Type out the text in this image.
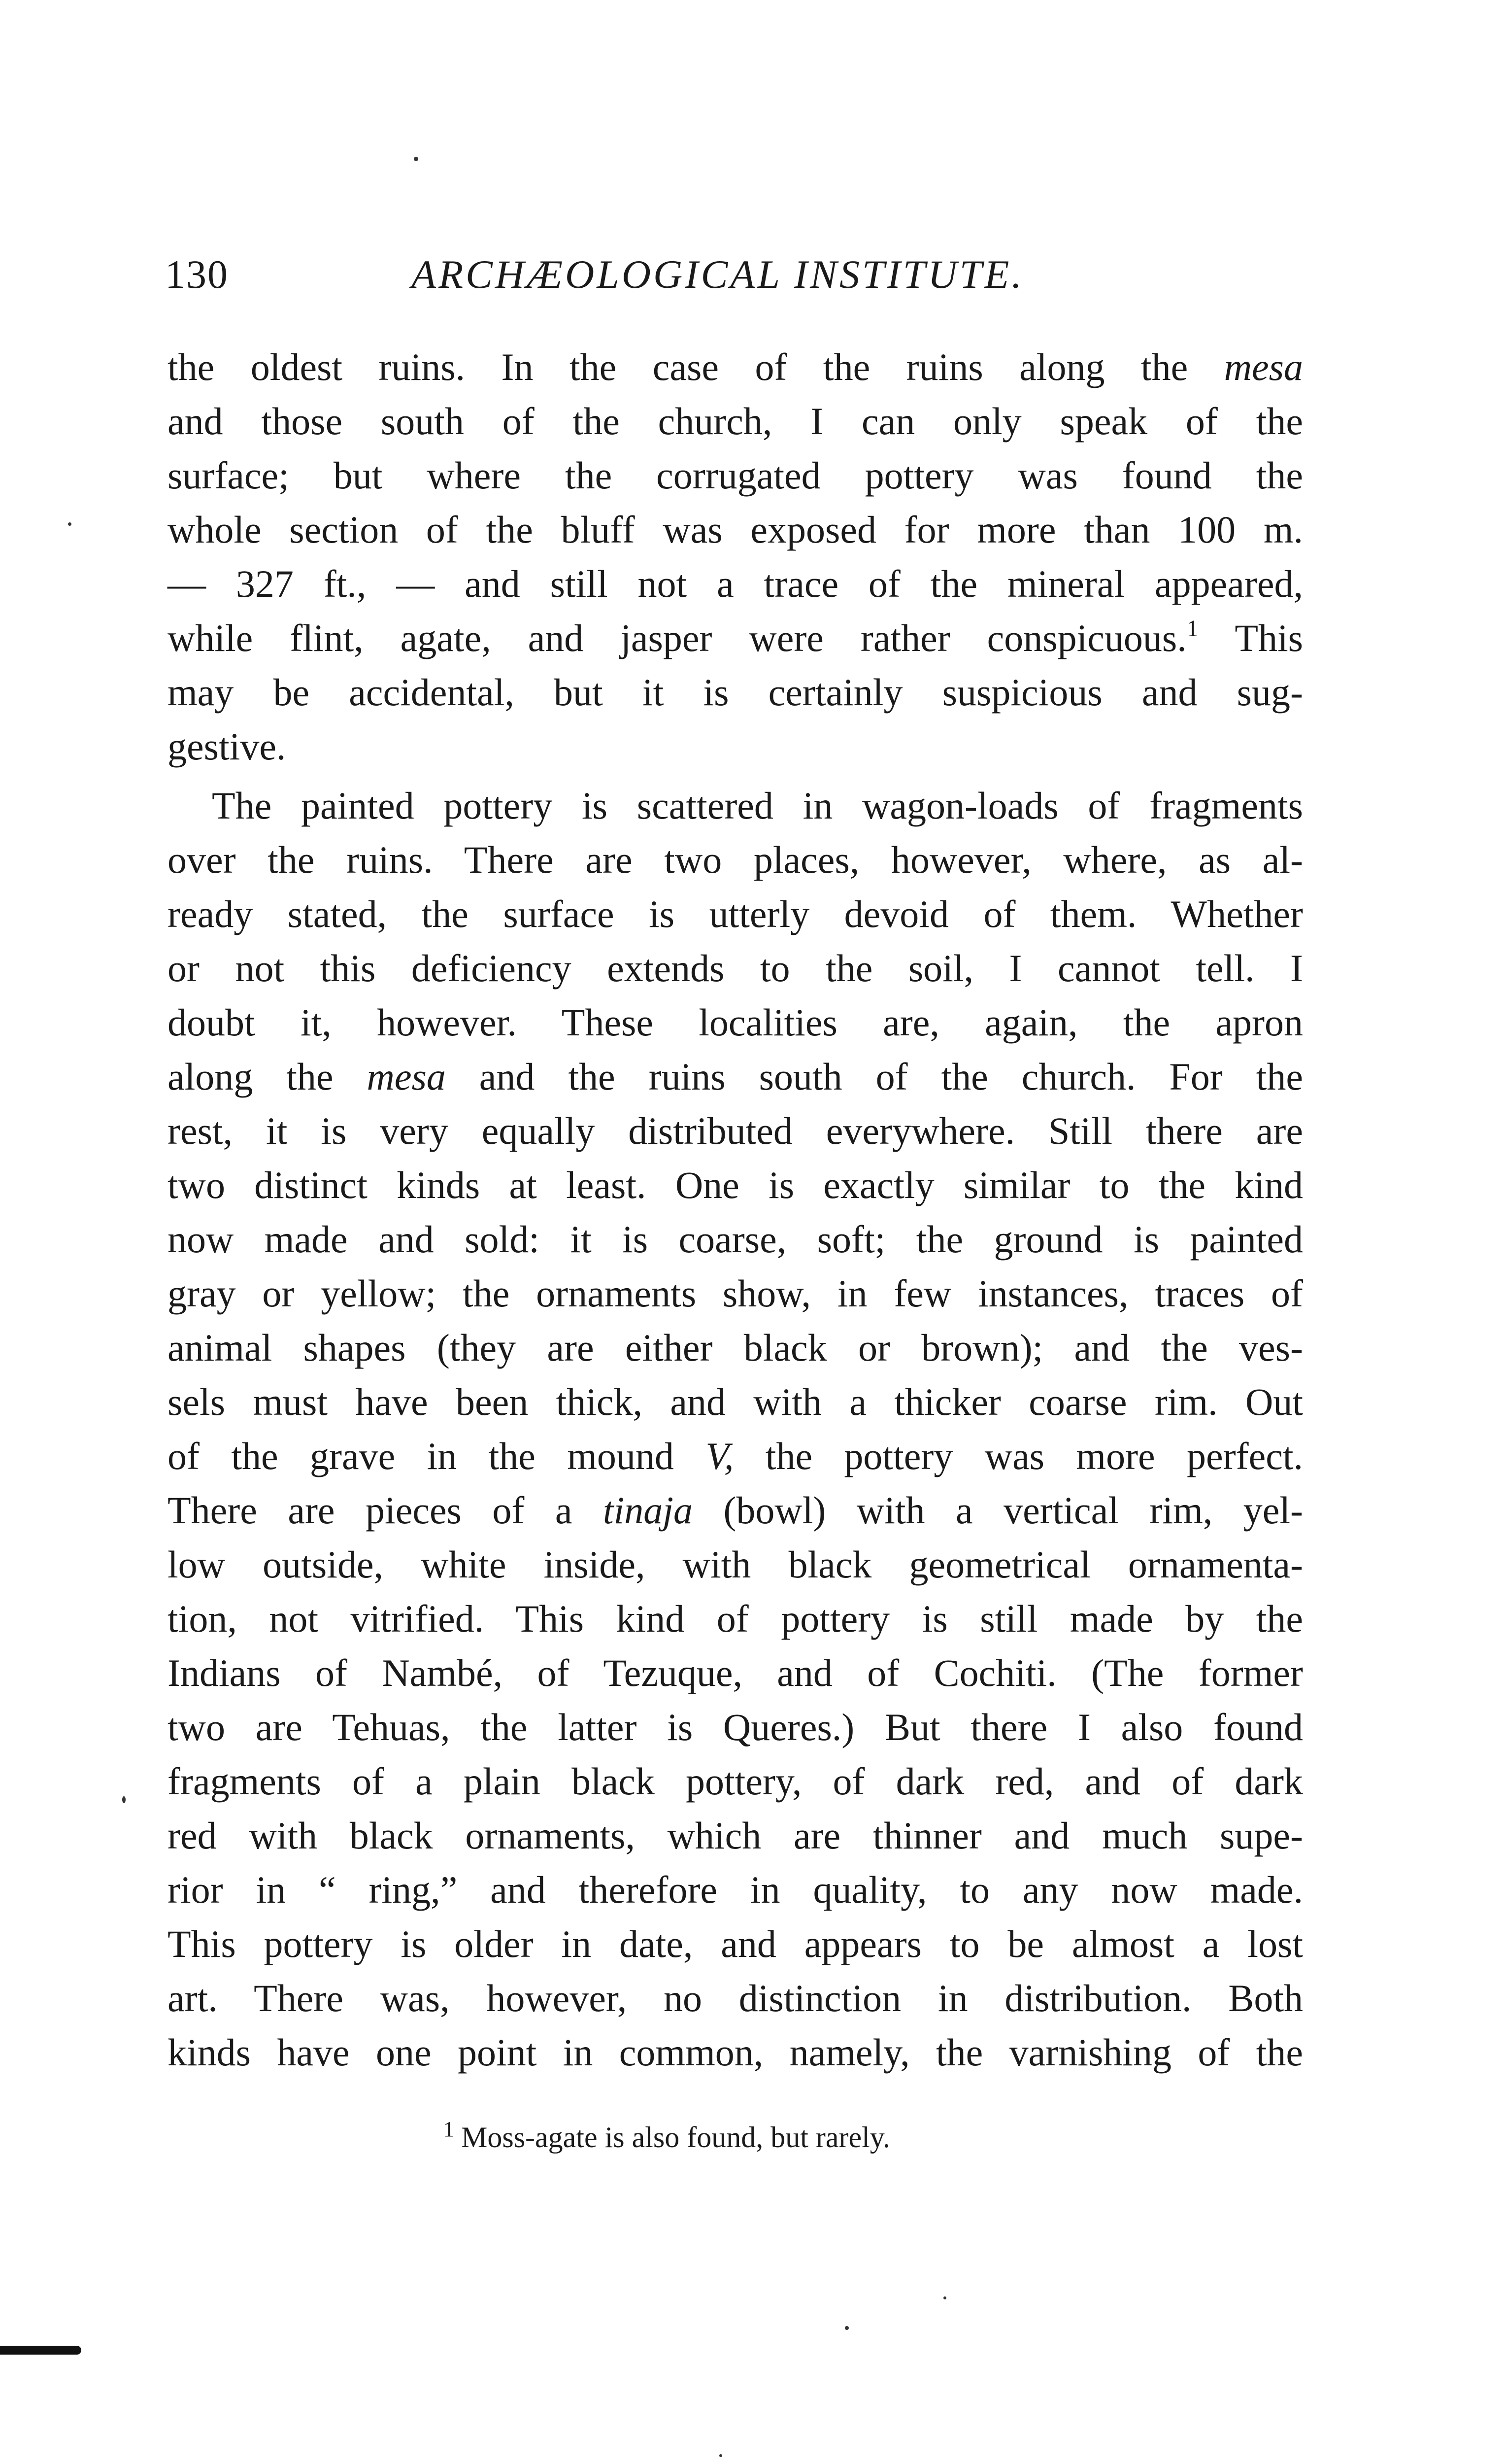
130	ARCHÆOLOGICAL INSTITUTE.
the oldest ruins. In the case of the ruins along the mesa
and those south of the church, I can only speak of the
surface; but where the corrugated pottery was found the
whole section of the bluff was exposed for more than 100 m.
— 327 ft., — and still not a trace of the mineral appeared,
while flint, agate, and jasper were rather conspicuous.$^1$ This
may be accidental, but it is certainly suspicious and sug-
gestive.
The painted pottery is scattered in wagon-loads of fragments
over the ruins. There are two places, however, where, as al-
ready stated, the surface is utterly devoid of them. Whether
or not this deficiency extends to the soil, I cannot tell. I
doubt it, however. These localities are, again, the apron
along the mesa and the ruins south of the church. For the
rest, it is very equally distributed everywhere. Still there are
two distinct kinds at least. One is exactly similar to the kind
now made and sold: it is coarse, soft; the ground is painted
gray or yellow; the ornaments show, in few instances, traces of
animal shapes (they are either black or brown); and the ves-
sels must have been thick, and with a thicker coarse rim. Out
of the grave in the mound V, the pottery was more perfect.
There are pieces of a tinaja (bowl) with a vertical rim, yel-
low outside, white inside, with black geometrical ornamenta-
tion, not vitrified. This kind of pottery is still made by the
Indians of Nambé, of Tezuque, and of Cochiti. (The former
two are Tehuas, the latter is Queres.) But there I also found
fragments of a plain black pottery, of dark red, and of dark
red with black ornaments, which are thinner and much supe-
rior in “ ring,” and therefore in quality, to any now made.
This pottery is older in date, and appears to be almost a lost
art. There was, however, no distinction in distribution. Both
kinds have one point in common, namely, the varnishing of the
$^1$ Moss-agate is also found, but rarely.
